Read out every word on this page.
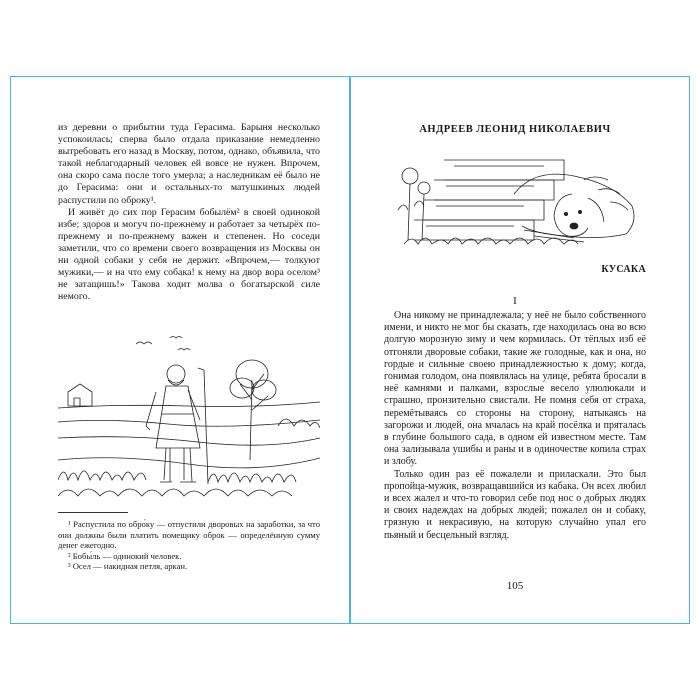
из деревни о прибытии туда Герасима. Барыня несколько успокоилась; сперва было отдала приказание немедленно вытребовать его назад в Москву, потом, однако, объявила, что такой неблагодарный человек ей вовсе не нужен. Впрочем, она скоро сама после того умерла; а наследникам её было не до Герасима: они и остальных-то матушкиных людей распустили по оброку¹.

И живёт до сих пор Герасим бобылём² в своей одинокой избе; здоров и могуч по-прежнему и работает за четырёх по-прежнему и по-прежнему важен и степенен. Но соседи заметили, что со времени своего возвращения из Москвы он ни одной собаки у себя не держит. «Впрочем,— толкуют мужики,— и на что ему собака! к нему на двор вора оселом³ не затащишь!» Такова ходит молва о богатырской силе немого.

¹ Распустила по обро́ку — отпустили дворовых на заработки, за что они должны были платить помещику оброк — определённую сумму денег ежегодно.

² Бобы́ль — одинокий человек.

³ Осел — накидная петля, аркан.

АНДРЕЕВ ЛЕОНИД НИКОЛАЕВИЧ
КУСАКА
I

Она никому не принадлежала; у неё не было собственного имени, и никто не мог бы сказать, где находилась она во всю долгую морозную зиму и чем кормилась. От тёплых изб её отгоняли дворовые собаки, такие же голодные, как и она, но гордые и сильные своею принадлежностью к дому; когда, гонимая голодом, она появлялась на улице, ребята бросали в неё камнями и палками, взрослые весело улюлюкали и страшно, пронзительно свистали. Не помня себя от страха, перемётываясь со стороны на сторону, натыкаясь на загорожи и людей, она мчалась на край посёлка и пряталась в глубине большого сада, в одном ей известном месте. Там она зализывала ушибы и раны и в одиночестве копила страх и злобу.

Только один раз её пожалели и приласкали. Это был пропойца-мужик, возвращавшийся из кабака. Он всех любил и всех жалел и что-то говорил себе под нос о добрых людях и своих надеждах на добрых людей; пожалел он и собаку, грязную и некрасивую, на которую случайно упал его пьяный и бесцельный взгляд.

105
